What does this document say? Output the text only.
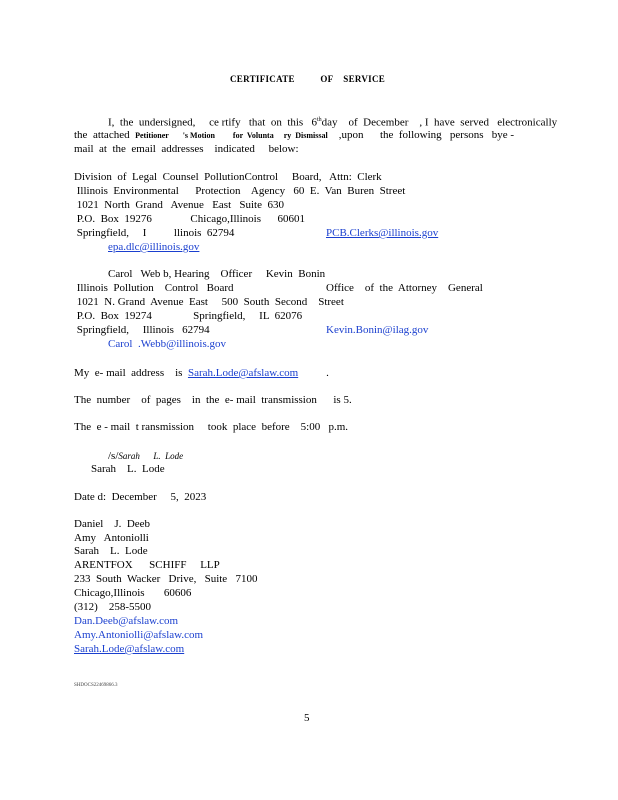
CERTIFICATE          OF    SERVICE
I,  the  undersigned,     ce rtify   that  on  this   6thday    of  December    , I  have  served   electronically
the  attached Petitioner       's Motion         for  Volunta     ry  Dismissal ,upon      the  following   persons   bye -
mail  at  the  email  addresses    indicated     below:
Division  of  Legal  Counsel  PollutionControl     Board,   Attn:  Clerk
Illinois  Environmental      Protection    Agency   60  E.  Van  Buren  Street
1021  North  Grand   Avenue   East   Suite  630
P.O.  Box  19276              Chicago,Illinois      60601
Springfield,     I          llinois  62794	PCB.Clerks@illinois.gov
epa.dlc@illinois.gov
Carol   Web b, Hearing    Officer     Kevin  Bonin
Illinois  Pollution    Control   Board	Office    of  the  Attorney    General
1021  N. Grand  Avenue  East     500  South  Second    Street
P.O.  Box  19274               Springfield,     IL  62076
Springfield,     Illinois   62794	Kevin.Bonin@ilag.gov
Carol  .Webb@illinois.gov
My  e- mail  address    is Sarah.Lode@afslaw.com	.
The  number    of  pages    in  the  e- mail  transmission      is 5.
The  e - mail  t ransmission     took  place  before    5:00   p.m.
/s/Sarah      L.  Lode
Sarah    L.  Lode
Date d:  December     5,  2023
Daniel    J.  Deeb
Amy   Antoniolli
Sarah    L.  Lode
ARENTFOX      SCHIFF     LLP
233  South  Wacker   Drive,   Suite   7100
Chicago,Illinois       60606
(312)    258-5500
Dan.Deeb@afslaw.com
Amy.Antoniolli@afslaw.com
Sarah.Lode@afslaw.com
SHDOCS22469866.3
5
